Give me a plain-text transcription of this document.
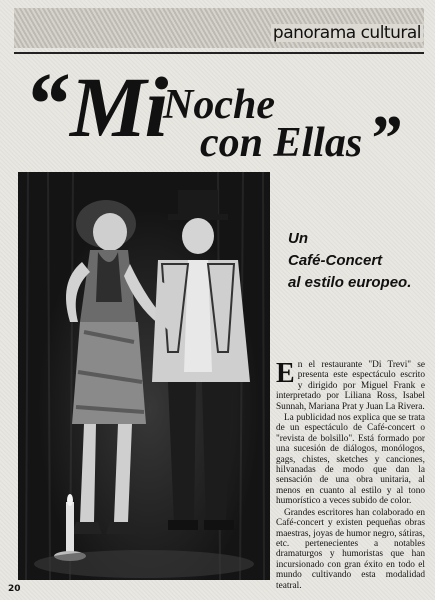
panorama cultural
“ Mi
Noche
con Ellas ”
Un
Café-Concert
al estilo europeo.

En el restaurante "Di Trevi" se presenta este espectáculo escrito y dirigido por Miguel Frank e interpretado por Liliana Ross, Isabel Sunnah, Mariana Prat y Juan La Rivera.

La publicidad nos explica que se trata de un espectáculo de Café-concert o "revista de bolsillo". Está formado por una sucesión de diálogos, monólogos, gags, chistes, sketches y canciones, hilvanadas de modo que dan la sensación de una obra unitaria, al menos en cuanto al estilo y al tono humorístico a veces subido de color.

Grandes escritores han colaborado en Café-concert y existen pequeñas obras maestras, joyas de humor negro, sátiras, etc. pertenecientes a notables dramaturgos y humoristas que han incursionado con gran éxito en todo el mundo cultivando esta modalidad teatral.

20
